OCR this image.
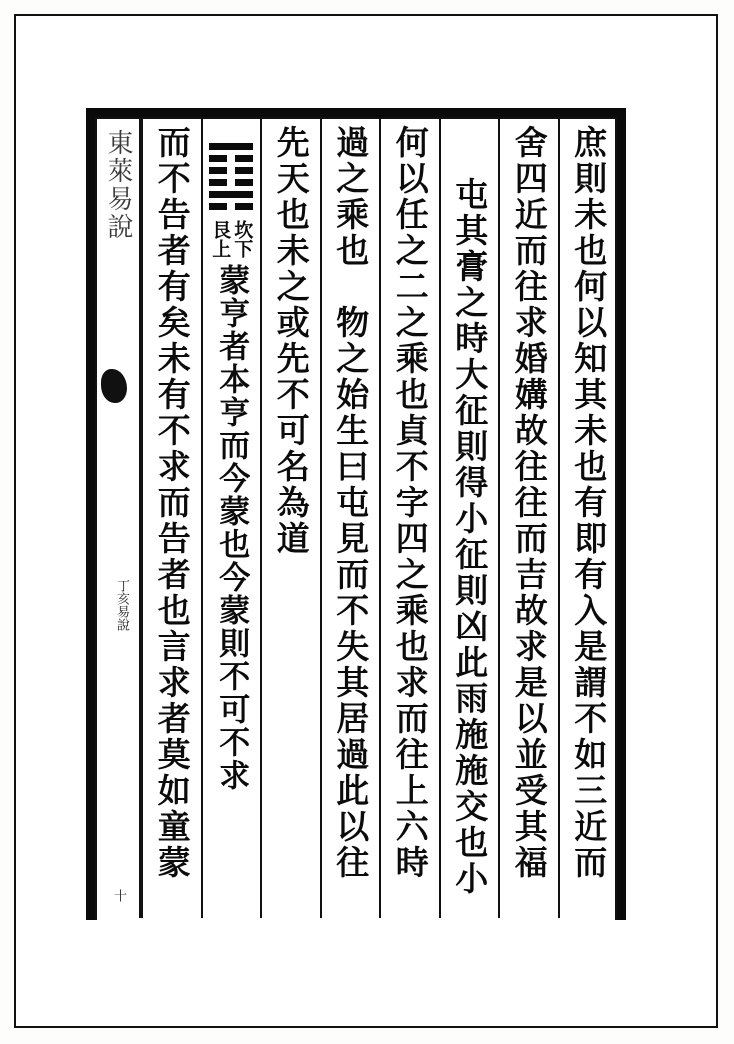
東萊易說
丁亥易說
十
庶則未也何以知其未也有即有入是謂不如三近而
舍四近而往求婚媾故往往而吉故求是以並受其福
屯其膏之時大征則得小征則凶此雨施施交也小
何以任之二之乘也貞不字四之乘也求而往上六時
過之乘也　物之始生曰屯見而不失其居過此以往
先天也未之或先不可名為道
坎下
艮上
蒙亨者本亨而今蒙也今蒙則不可不求
而不告者有矣未有不求而告者也言求者莫如童蒙
